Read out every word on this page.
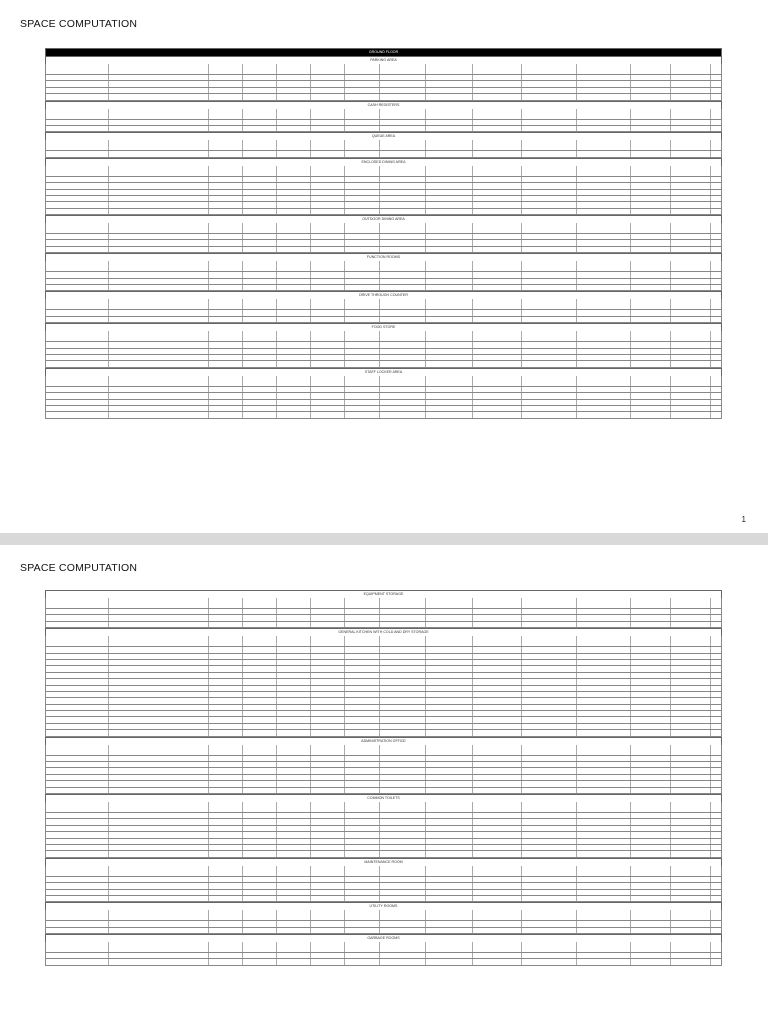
SPACE COMPUTATION
GROUND FLOOR
PARKING AREA
CASH REGISTERS
QUEUE AREA
ENCLOSED DINING AREA
OUTDOOR DINING AREA
FUNCTION ROOMS
DRIVE THROUGH COUNTER
FOOD STORE
STAFF LOCKER AREA
1
SPACE COMPUTATION
EQUIPMENT STORAGE
GENERAL KITCHEN WITH COLD AND DRY STORAGE
ADMINISTRATION OFFICE
COMMON TOILETS
MAINTENANCE ROOM
UTILITY ROOMS
GARBAGE ROOMS
